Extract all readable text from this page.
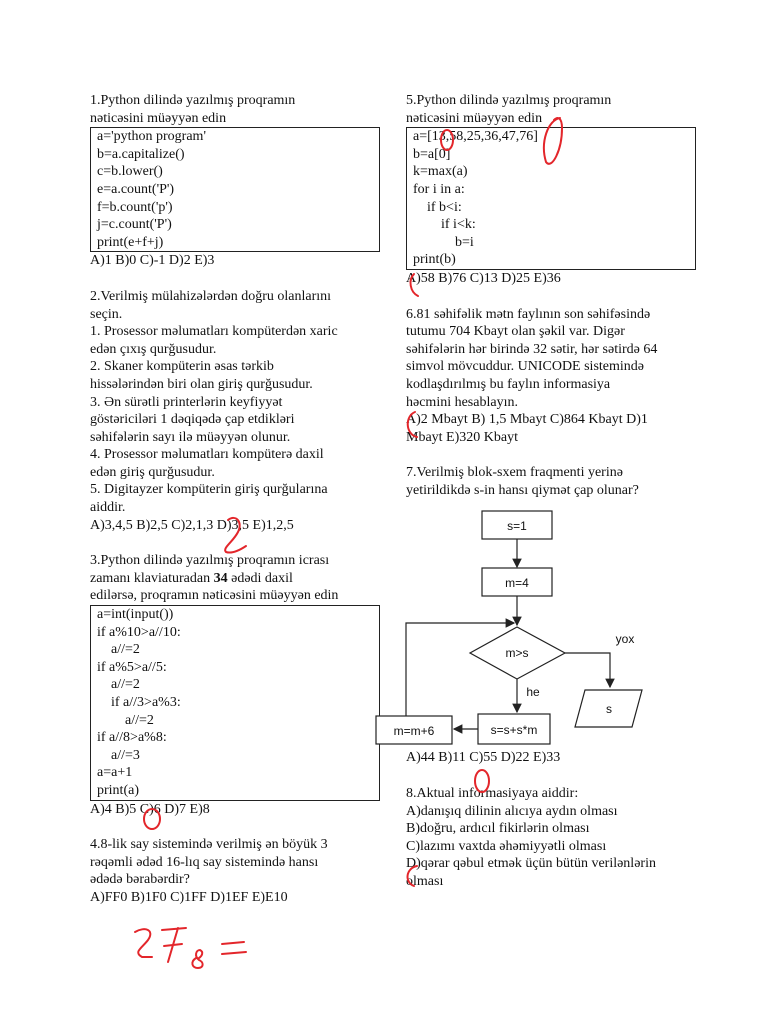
1.Python dilində yazılmış proqramın
nəticəsini müəyyən edin
a='python program'
b=a.capitalize()
c=b.lower()
e=a.count('P')
f=b.count('p')
j=c.count('P')
print(e+f+j)
A)1 B)0 C)-1 D)2 E)3
2.Verilmiş mülahizələrdən doğru olanlarını
seçin.
1. Prosessor məlumatları kompüterdən xaric
edən çıxış qurğusudur.
2. Skaner kompüterin əsas tərkib
hissələrindən biri olan giriş qurğusudur.
3. Ən sürətli printerlərin keyfiyyət
göstəriciləri 1 dəqiqədə çap etdikləri
səhifələrin sayı ilə müəyyən olunur.
4. Prosessor məlumatları kompüterə daxil
edən giriş qurğusudur.
5. Digitayzer kompüterin giriş qurğularına
aiddir.
A)3,4,5 B)2,5 C)2,1,3 D)3,5 E)1,2,5
3.Python dilində yazılmış proqramın icrası
zamanı klaviaturadan 34 ədədi daxil
edilərsə, proqramın nəticəsini müəyyən edin
a=int(input())
if a%10>a//10:
a//=2
if a%5>a//5:
a//=2
if a//3>a%3:
a//=2
if a//8>a%8:
a//=3
a=a+1
print(a)
A)4 B)5 C)6 D)7 E)8
4.8-lik say sistemində verilmiş ən böyük 3
rəqəmli ədəd 16-lıq say sistemində hansı
ədədə bərabərdir?
A)FF0 B)1F0 C)1FF D)1EF E)E10
5.Python dilində yazılmış proqramın
nəticəsini müəyyən edin
a=[13,58,25,36,47,76]
b=a[0]
k=max(a)
for i in a:
if b<i:
if i<k:
b=i
print(b)
A)58 B)76 C)13 D)25 E)36
6.81 səhifəlik mətn faylının son səhifəsində
tutumu 704 Kbayt olan şəkil var. Digər
səhifələrin hər birində 32 sətir, hər sətirdə 64
simvol mövcuddur. UNICODE sistemində
kodlaşdırılmış bu faylın informasiya
həcmini hesablayın.
A)2 Mbayt B) 1,5 Mbayt C)864 Kbayt D)1
Mbayt E)320 Kbayt
7.Verilmiş blok-sxem fraqmenti yerinə
yetirildikdə s-in hansı qiymət çap olunar?
A)44 B)11 C)55 D)22 E)33
8.Aktual informasiyaya aiddir:
A)danışıq dilinin alıcıya aydın olması
B)doğru, ardıcıl fikirlərin olması
C)lazımı vaxtda əhəmiyyətli olması
D)qərar qəbul etmək üçün bütün verilənlərin
olması
s=1
m=4
m>s
yox
he
s
s=s+s*m
m=m+6
